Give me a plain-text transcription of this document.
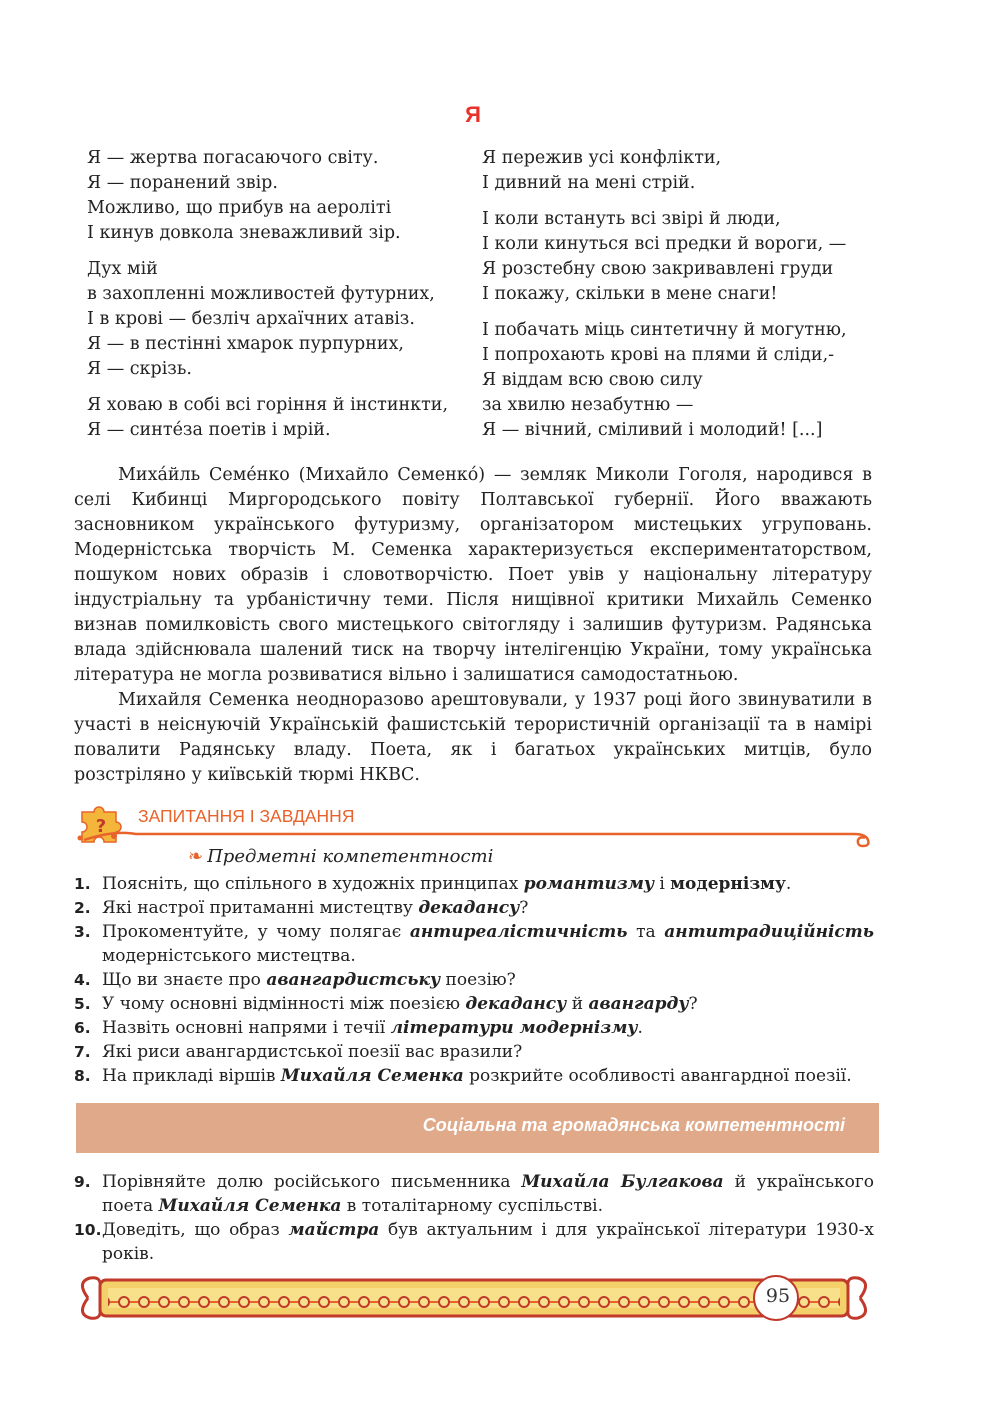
Я
Я — жертва погасаючого світу.
Я — поранений звір.
Можливо, що прибув на аероліті
І кинув довкола зневажливий зір.
Дух мій
в захопленні можливостей футурних,
І в крові — безліч архаїчних атавіз.
Я — в пестінні хмарок пурпурних,
Я — скрізь.
Я ховаю в собі всі горіння й інстинкти,
Я — синте́за поетів і мрій.
Я пережив усі конфлікти,
І дивний на мені стрій.
І коли встануть всі звірі й люди,
І коли кинуться всі предки й вороги, —
Я розстебну свою закривавлені груди
І покажу, скільки в мене снаги!
І побачать міць синтетичну й могутню,
І попрохають крові на плями й сліди,-
Я віддам всю свою силу
за хвилю незабутню —
Я — вічний, сміливий і молодий! [...]

Миха́йль Семе́нко (Михайло Семенко́) — земляк Миколи Гоголя, народився в селі Кибинці Миргородського повіту Полтавської губернії. Його вважають засновником українського футуризму, організатором мистецьких угруповань. Модерністська творчість М. Семенка характеризується експериментаторством, пошуком нових образів і словотворчістю. Поет увів у національну літературу індустріальну та урбаністичну теми. Після нищівної критики Михайль Семенко визнав помилковість свого мистецького світогляду і залишив футуризм. Радянська влада здійснювала шалений тиск на творчу інтелігенцію України, тому українська література не могла розвиватися вільно і залишатися самодостатньою.

Михайля Семенка неодноразово арештовували, у 1937 році його звинуватили в участі в неіснуючій Українській фашистській терористичній організації та в намірі повалити Радянську владу. Поета, як і багатьох українських митців, було розстріляно у київській тюрмі НКВС.

? ЗАПИТАННЯ І ЗАВДАННЯ
❧ Предметні компетентності
1. Поясніть, що спільного в художніх принципах романтизму і модернізму.
2. Які настрої притаманні мистецтву декадансу?
3. Прокоментуйте, у чому полягає антиреалістичність та антитрадиційність модерністського мистецтва.
4. Що ви знаєте про авангардистську поезію?
5. У чому основні відмінності між поезією декадансу й авангарду?
6. Назвіть основні напрями і течії літератури модернізму.
7. Які риси авангардистської поезії вас вразили?
8. На прикладі віршів Михайля Семенка розкрийте особливості авангардної поезії.
Соціальна та громадянська компетентності
9. Порівняйте долю російського письменника Михайла Булгакова й українського поета Михайля Семенка в тоталітарному суспільстві.
10. Доведіть, що образ майстра був актуальним і для української літератури 1930-х років.
95
